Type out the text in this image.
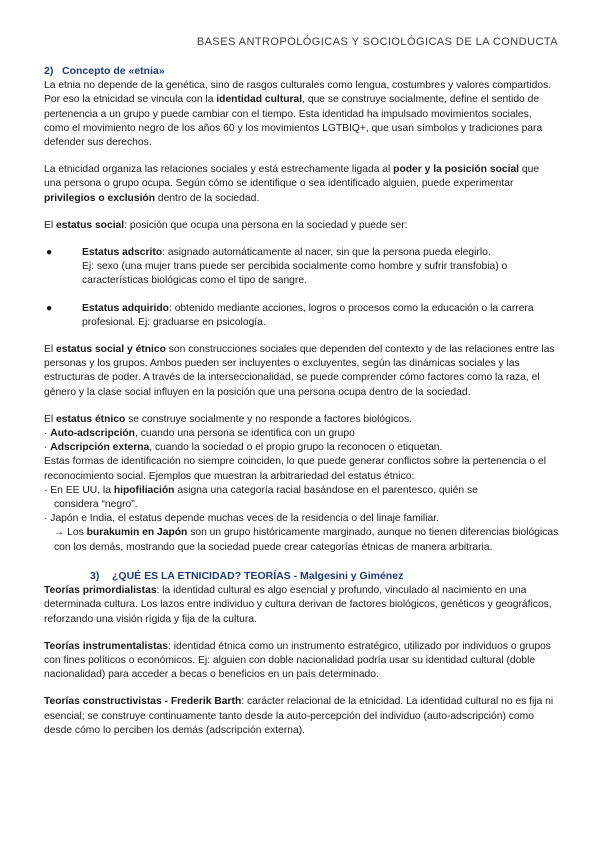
BASES ANTROPOLÓGICAS Y SOCIOLÓGICAS DE LA CONDUCTA

2) Concepto de «etnia»

La etnia no depende de la genética, sino de rasgos culturales como lengua, costumbres y valores compartidos. Por eso la etnicidad se vincula con la identidad cultural, que se construye socialmente, define el sentido de pertenencia a un grupo y puede cambiar con el tiempo. Esta identidad ha impulsado movimientos sociales, como el movimiento negro de los años 60 y los movimientos LGTBIQ+, que usan símbolos y tradiciones para defender sus derechos.

La etnicidad organiza las relaciones sociales y está estrechamente ligada al poder y la posición social que una persona o grupo ocupa. Según cómo se identifique o sea identificado alguien, puede experimentar privilegios o exclusión dentro de la sociedad.

El estatus social: posición que ocupa una persona en la sociedad y puede ser:

●	Estatus adscrito: asignado automáticamente al nacer, sin que la persona pueda elegirlo.

Ej: sexo (una mujer trans puede ser percibida socialmente como hombre y sufrir transfobia) o características biológicas como el tipo de sangre.

●	Estatus adquirido: obtenido mediante acciones, logros o procesos como la educación o la carrera profesional. Ej: graduarse en psicología.

El estatus social y étnico son construcciones sociales que dependen del contexto y de las relaciones entre las personas y los grupos. Ambos pueden ser incluyentes o excluyentes, según las dinámicas sociales y las estructuras de poder. A través de la interseccionalidad, se puede comprender cómo factores como la raza, el género y la clase social influyen en la posición que una persona ocupa dentro de la sociedad.

El estatus étnico se construye socialmente y no responde a factores biológicos.

· Auto-adscripción, cuando una persona se identifica con un grupo

· Adscripción externa, cuando la sociedad o el propio grupo la reconocen o etiquetan.

Estas formas de identificación no siempre coinciden, lo que puede generar conflictos sobre la pertenencia o el reconocimiento social. Ejemplos que muestran la arbitrariedad del estatus étnico:

· En EE UU, la hipofiliación asigna una categoría racial basándose en el parentesco, quién se

considera “negro”.

· Japón e India, el estatus depende muchas veces de la residencia o del linaje familiar.

→ Los burakumin en Japón son un grupo históricamente marginado, aunque no tienen diferencias biológicas con los demás, mostrando que la sociedad puede crear categorías étnicas de manera arbitraria.

3) ¿QUÉ ES LA ETNICIDAD? TEORÍAS - Malgesini y Giménez

Teorías primordialistas: la identidad cultural es algo esencial y profundo, vinculado al nacimiento en una determinada cultura. Los lazos entre individuo y cultura derivan de factores biológicos, genéticos y geográficos, reforzando una visión rígida y fija de la cultura.

Teorías instrumentalistas: identidad étnica como un instrumento estratégico, utilizado por individuos o grupos con fines políticos o económicos. Ej: alguien con doble nacionalidad podría usar su identidad cultural (doble nacionalidad) para acceder a becas o beneficios en un país determinado.

Teorías constructivistas - Frederik Barth: carácter relacional de la etnicidad. La identidad cultural no es fija ni esencial; se construye continuamente tanto desde la auto-percepción del individuo (auto-adscripción) como desde cómo lo perciben los demás (adscripción externa).
